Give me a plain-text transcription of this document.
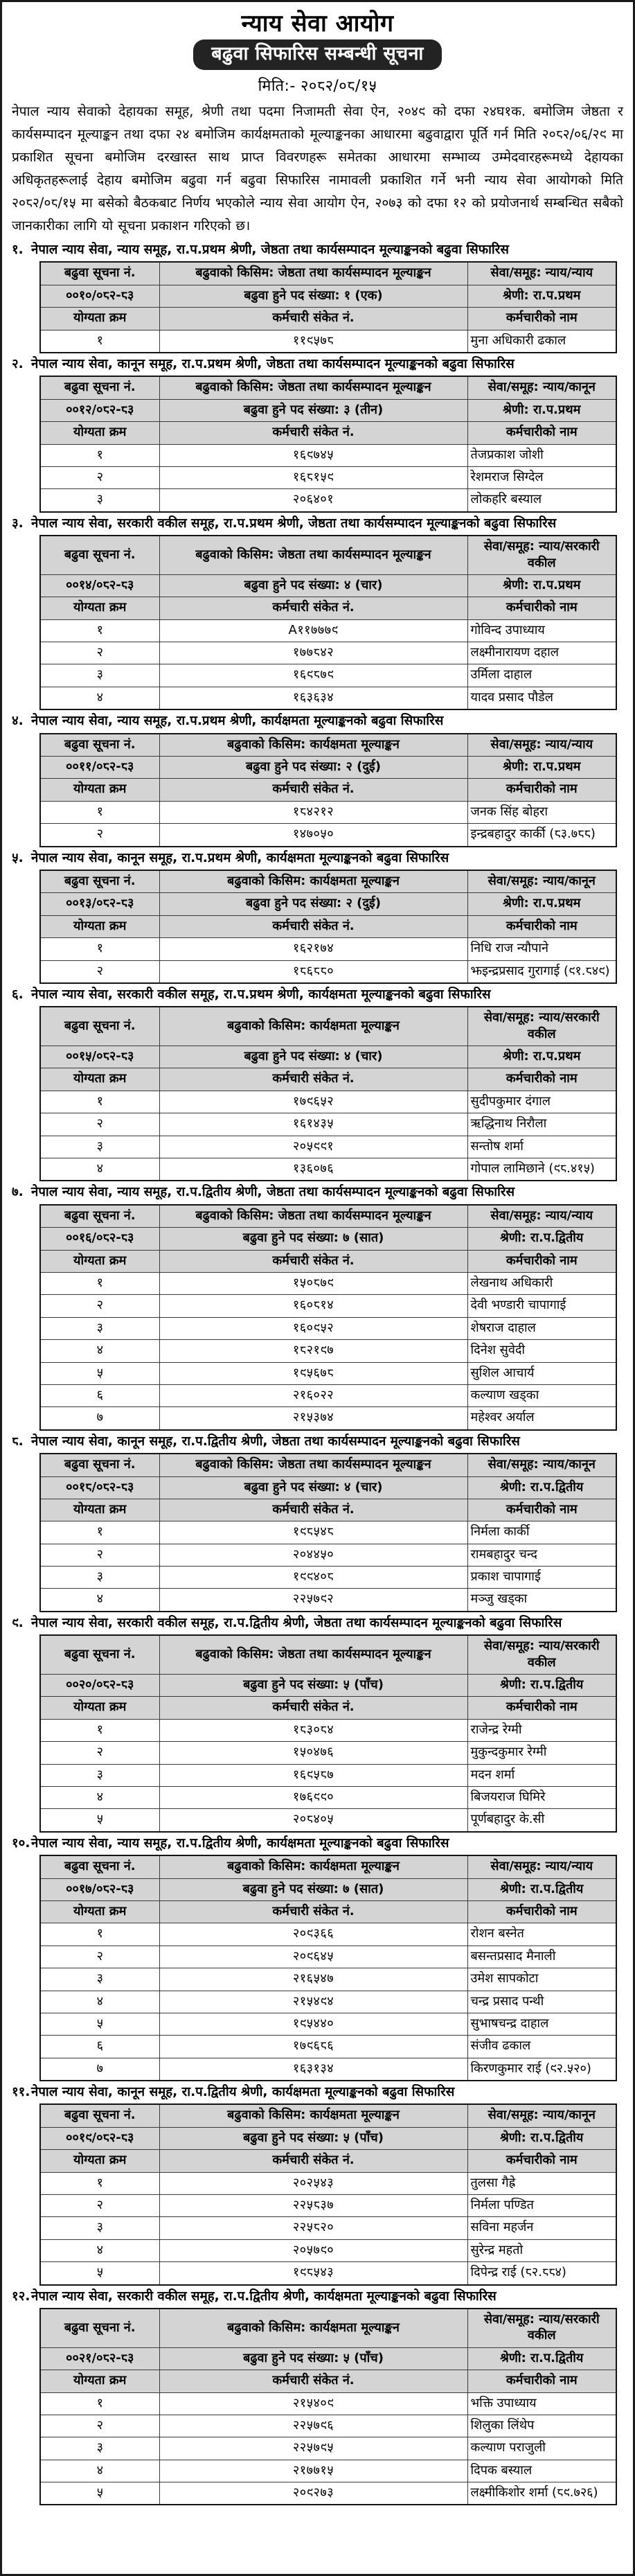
न्याय सेवा आयोग
बढुवा सिफारिस सम्बन्धी सूचना
मिति:- २०८२/०८/१५
नेपाल न्याय सेवाको देहायका समूह, श्रेणी तथा पदमा निजामती सेवा ऐन, २०४९ को दफा २४घ१क. बमोजिम जेष्ठता र कार्यसम्पादन मूल्याङ्कन तथा दफा २४ बमोजिम कार्यक्षमताको मूल्याङ्कनका आधारमा बढुवाद्वारा पूर्ति गर्न मिति २०८२/०६/२९ मा प्रकाशित सूचना बमोजिम दरखास्त साथ प्राप्त विवरणहरू समेतका आधारमा सम्भाव्य उम्मेदवारहरूमध्ये देहायका अधिकृतहरूलाई देहाय बमोजिम बढुवा गर्न बढुवा सिफारिस नामावली प्रकाशित गर्ने भनी न्याय सेवा आयोगको मिति २०८२/०८/१५ मा बसेको बैठकबाट निर्णय भएकोले न्याय सेवा आयोग ऐन, २०७३ को दफा १२ को प्रयोजनार्थ सम्बन्धित सबैको जानकारीका लागि यो सूचना प्रकाशन गरिएको छ।
१. नेपाल न्याय सेवा, न्याय समूह, रा.प.प्रथम श्रेणी, जेष्ठता तथा कार्यसम्पादन मूल्याङ्कनको बढुवा सिफारिस
बढुवा सूचना नं.	बढुवाको किसिम: जेष्ठता तथा कार्यसम्पादन मूल्याङ्कन	सेवा/समूह: न्याय/न्याय
००१०/०८२-८३	बढुवा हुने पद संख्या: १ (एक)	श्रेणी: रा.प.प्रथम
योग्यता क्रम	कर्मचारी संकेत नं.	कर्मचारीको नाम
१	११९५७८	मुना अधिकारी ढकाल
२. नेपाल न्याय सेवा, कानून समूह, रा.प.प्रथम श्रेणी, जेष्ठता तथा कार्यसम्पादन मूल्याङ्कनको बढुवा सिफारिस
बढुवा सूचना नं.	बढुवाको किसिम: जेष्ठता तथा कार्यसम्पादन मूल्याङ्कन	सेवा/समूह: न्याय/कानून
००१२/०८२-८३	बढुवा हुने पद संख्या: ३ (तीन)	श्रेणी: रा.प.प्रथम
योग्यता क्रम	कर्मचारी संकेत नं.	कर्मचारीको नाम
१	१६९७४५	तेजप्रकाश जोशी
२	१६८१५९	रेशमराज सिग्देल
३	२०६४०१	लोकहरि बस्याल
३. नेपाल न्याय सेवा, सरकारी वकील समूह, रा.प.प्रथम श्रेणी, जेष्ठता तथा कार्यसम्पादन मूल्याङ्कनको बढुवा सिफारिस
बढुवा सूचना नं.	बढुवाको किसिम: जेष्ठता तथा कार्यसम्पादन मूल्याङ्कन	सेवा/समूह: न्याय/सरकारी वकील
००१४/०८२-८३	बढुवा हुने पद संख्या: ४ (चार)	श्रेणी: रा.प.प्रथम
योग्यता क्रम	कर्मचारी संकेत नं.	कर्मचारीको नाम
१	A११७७७९	गोविन्द उपाध्याय
२	१७७८४२	लक्ष्मीनारायण दहाल
३	१६९८७९	उर्मिला दाहाल
४	१६३६३४	यादव प्रसाद पौडेल
४. नेपाल न्याय सेवा, न्याय समूह, रा.प.प्रथम श्रेणी, कार्यक्षमता मूल्याङ्कनको बढुवा सिफारिस
बढुवा सूचना नं.	बढुवाको किसिम: कार्यक्षमता मूल्याङ्कन	सेवा/समूह: न्याय/न्याय
००११/०८२-८३	बढुवा हुने पद संख्या: २ (दुई)	श्रेणी: रा.प.प्रथम
योग्यता क्रम	कर्मचारी संकेत नं.	कर्मचारीको नाम
१	१८४२१२	जनक सिंह बोहरा
२	१४७०५०	इन्द्रबहादुर कार्की (८३.७८८)
५. नेपाल न्याय सेवा, कानून समूह, रा.प.प्रथम श्रेणी, कार्यक्षमता मूल्याङ्कनको बढुवा सिफारिस
बढुवा सूचना नं.	बढुवाको किसिम: कार्यक्षमता मूल्याङ्कन	सेवा/समूह: न्याय/कानून
००१३/०८२-८३	बढुवा हुने पद संख्या: २ (दुई)	श्रेणी: रा.प.प्रथम
योग्यता क्रम	कर्मचारी संकेत नं.	कर्मचारीको नाम
१	१६२१७४	निधि राज न्यौपाने
२	१८६८८०	झइन्द्रप्रसाद गुरागाई (९१.८४९)
६. नेपाल न्याय सेवा, सरकारी वकील समूह, रा.प.प्रथम श्रेणी, कार्यक्षमता मूल्याङ्कनको बढुवा सिफारिस
बढुवा सूचना नं.	बढुवाको किसिम: कार्यक्षमता मूल्याङ्कन	सेवा/समूह: न्याय/सरकारी वकील
००१५/०८२-८३	बढुवा हुने पद संख्या: ४ (चार)	श्रेणी: रा.प.प्रथम
योग्यता क्रम	कर्मचारी संकेत नं.	कर्मचारीको नाम
१	१७९६५२	सुदीपकुमार दंगाल
२	१६१४३५	ऋद्धिनाथ निरौला
३	२०५९९१	सन्तोष शर्मा
४	१३६०७६	गोपाल लामिछाने (९८.४१५)
७. नेपाल न्याय सेवा, न्याय समूह, रा.प.द्वितीय श्रेणी, जेष्ठता तथा कार्यसम्पादन मूल्याङ्कनको बढुवा सिफारिस
बढुवा सूचना नं.	बढुवाको किसिम: जेष्ठता तथा कार्यसम्पादन मूल्याङ्कन	सेवा/समूह: न्याय/न्याय
००१६/०८२-८३	बढुवा हुने पद संख्या: ७ (सात)	श्रेणी: रा.प.द्वितीय
योग्यता क्रम	कर्मचारी संकेत नं.	कर्मचारीको नाम
१	१५०८७९	लेखनाथ अधिकारी
२	१६०८१४	देवी भण्डारी चापागाई
३	१६०९५२	शेषराज दाहाल
४	१८२१९७	दिनेश सुवेदी
५	१९५६७८	सुशिल आचार्य
६	२१६०२२	कल्याण खड्का
७	२१५३७४	महेश्वर अर्याल
८. नेपाल न्याय सेवा, कानून समूह, रा.प.द्वितीय श्रेणी, जेष्ठता तथा कार्यसम्पादन मूल्याङ्कनको बढुवा सिफारिस
बढुवा सूचना नं.	बढुवाको किसिम: जेष्ठता तथा कार्यसम्पादन मूल्याङ्कन	सेवा/समूह: न्याय/कानून
००१८/०८२-८३	बढुवा हुने पद संख्या: ४ (चार)	श्रेणी: रा.प.द्वितीय
योग्यता क्रम	कर्मचारी संकेत नं.	कर्मचारीको नाम
१	१९८५४८	निर्मला कार्की
२	२०४४५०	रामबहादुर चन्द
३	१९९४०८	प्रकाश चापागाई
४	२२५७९२	मञ्जु खड्का
९. नेपाल न्याय सेवा, सरकारी वकील समूह, रा.प.द्वितीय श्रेणी, जेष्ठता तथा कार्यसम्पादन मूल्याङ्कनको बढुवा सिफारिस
बढुवा सूचना नं.	बढुवाको किसिम: जेष्ठता तथा कार्यसम्पादन मूल्याङ्कन	सेवा/समूह: न्याय/सरकारी वकील
००२०/०८२-८३	बढुवा हुने पद संख्या: ५ (पाँच)	श्रेणी: रा.प.द्वितीय
योग्यता क्रम	कर्मचारी संकेत नं.	कर्मचारीको नाम
१	१८३०८४	राजेन्द्र रेग्मी
२	१५०४७६	मुकुन्दकुमार रेग्मी
३	१६९५८७	मदन शर्मा
४	१७६९९०	बिजयराज घिमिरे
५	२०८४०५	पूर्णबहादुर के.सी
१०. नेपाल न्याय सेवा, न्याय समूह, रा.प.द्वितीय श्रेणी, कार्यक्षमता मूल्याङ्कनको बढुवा सिफारिस
बढुवा सूचना नं.	बढुवाको किसिम: कार्यक्षमता मूल्याङ्कन	सेवा/समूह: न्याय/न्याय
००१७/०८२-८३	बढुवा हुने पद संख्या: ७ (सात)	श्रेणी: रा.प.द्वितीय
योग्यता क्रम	कर्मचारी संकेत नं.	कर्मचारीको नाम
१	२०९३६६	रोशन बस्नेत
२	२०९६४५	बसन्तप्रसाद मैनाली
३	२१६५४७	उमेश सापकोटा
४	२१५४९४	चन्द्र प्रसाद पन्थी
५	१९५४४०	सुभाषचन्द्र दाहाल
६	१७९६८६	संजीव ढकाल
७	१६३१३४	किरणकुमार राई (९२.५२०)
११. नेपाल न्याय सेवा, कानून समूह, रा.प.द्वितीय श्रेणी, कार्यक्षमता मूल्याङ्कनको बढुवा सिफारिस
बढुवा सूचना नं.	बढुवाको किसिम: कार्यक्षमता मूल्याङ्कन	सेवा/समूह: न्याय/कानून
००१९/०८२-८३	बढुवा हुने पद संख्या: ५ (पाँच)	श्रेणी: रा.प.द्वितीय
योग्यता क्रम	कर्मचारी संकेत नं.	कर्मचारीको नाम
१	२०२५४३	तुलसा गैह्रे
२	२२५८३७	निर्मला पण्डित
३	२२५८२०	सविना महर्जन
४	२०५७९०	सुरेन्द्र महतो
५	१९८५४३	दिपेन्द्र राई (८२.८८४)
१२. नेपाल न्याय सेवा, सरकारी वकील समूह, रा.प.द्वितीय श्रेणी, कार्यक्षमता मूल्याङ्कनको बढुवा सिफारिस
बढुवा सूचना नं.	बढुवाको किसिम: कार्यक्षमता मूल्याङ्कन	सेवा/समूह: न्याय/सरकारी वकील
००२१/०८२-८३	बढुवा हुने पद संख्या: ५ (पाँच)	श्रेणी: रा.प.द्वितीय
योग्यता क्रम	कर्मचारी संकेत नं.	कर्मचारीको नाम
१	२१५४०९	भक्ति उपाध्याय
२	२२५७९६	शिलुका लिंथेप
३	२२५७९५	कल्याण पराजुली
४	२१७७१५	दिपक बस्याल
५	२०९२७३	लक्ष्मीकिशोर शर्मा (८९.७२६)
